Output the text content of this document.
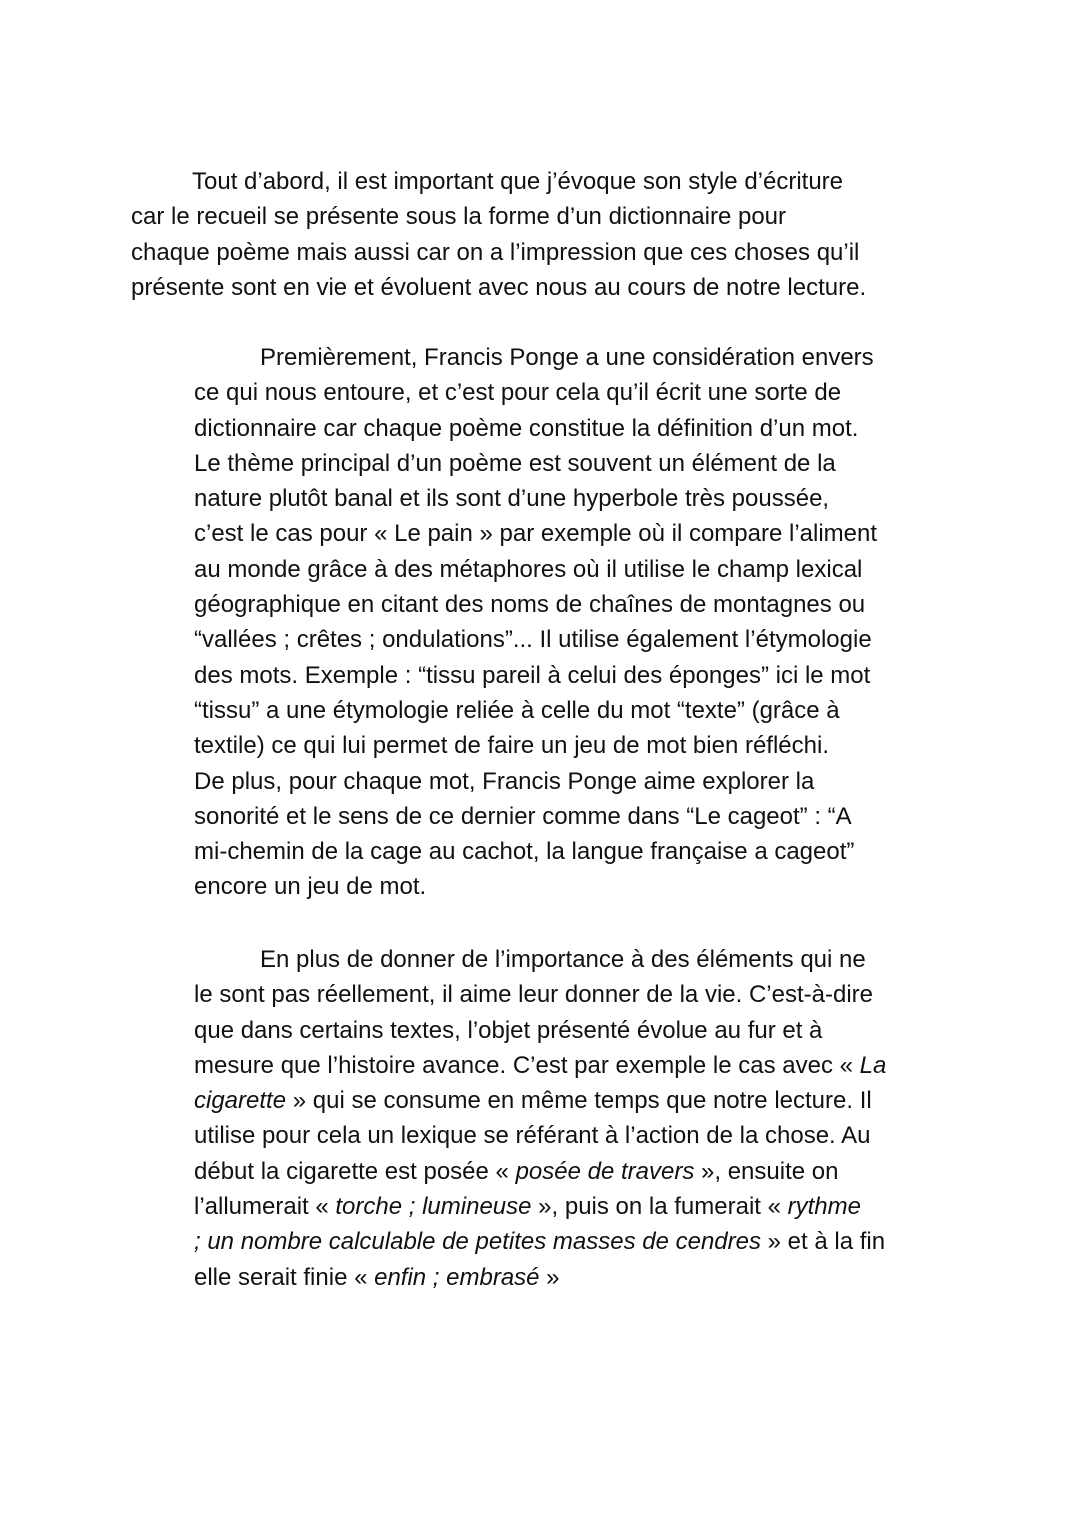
Tout d’abord, il est important que j’évoque son style d’écriture
car le recueil se présente sous la forme d’un dictionnaire pour
chaque poème mais aussi car on a l’impression que ces choses qu’il
présente sont en vie et évoluent avec nous au cours de notre lecture.
Premièrement, Francis Ponge a une considération envers
ce qui nous entoure, et c’est pour cela qu’il écrit une sorte de
dictionnaire car chaque poème constitue la définition d’un mot.
Le thème principal d’un poème est souvent un élément de la
nature plutôt banal et ils sont d’une hyperbole très poussée,
c’est le cas pour « Le pain » par exemple où il compare l’aliment
au monde grâce à des métaphores où il utilise le champ lexical
géographique en citant des noms de chaînes de montagnes ou
“vallées ; crêtes ; ondulations”... Il utilise également l’étymologie
des mots. Exemple : “tissu pareil à celui des éponges” ici le mot
“tissu” a une étymologie reliée à celle du mot “texte” (grâce à
textile) ce qui lui permet de faire un jeu de mot bien réfléchi.
De plus, pour chaque mot, Francis Ponge aime explorer la
sonorité et le sens de ce dernier comme dans “Le cageot” : “A
mi-chemin de la cage au cachot, la langue française a cageot”
encore un jeu de mot.
En plus de donner de l’importance à des éléments qui ne
le sont pas réellement, il aime leur donner de la vie. C’est-à-dire
que dans certains textes, l’objet présenté évolue au fur et à
mesure que l’histoire avance. C’est par exemple le cas avec « La
cigarette » qui se consume en même temps que notre lecture. Il
utilise pour cela un lexique se référant à l’action de la chose. Au
début la cigarette est posée « posée de travers », ensuite on
l’allumerait « torche ; lumineuse », puis on la fumerait « rythme
; un nombre calculable de petites masses de cendres » et à la fin
elle serait finie « enfin ; embrasé »
